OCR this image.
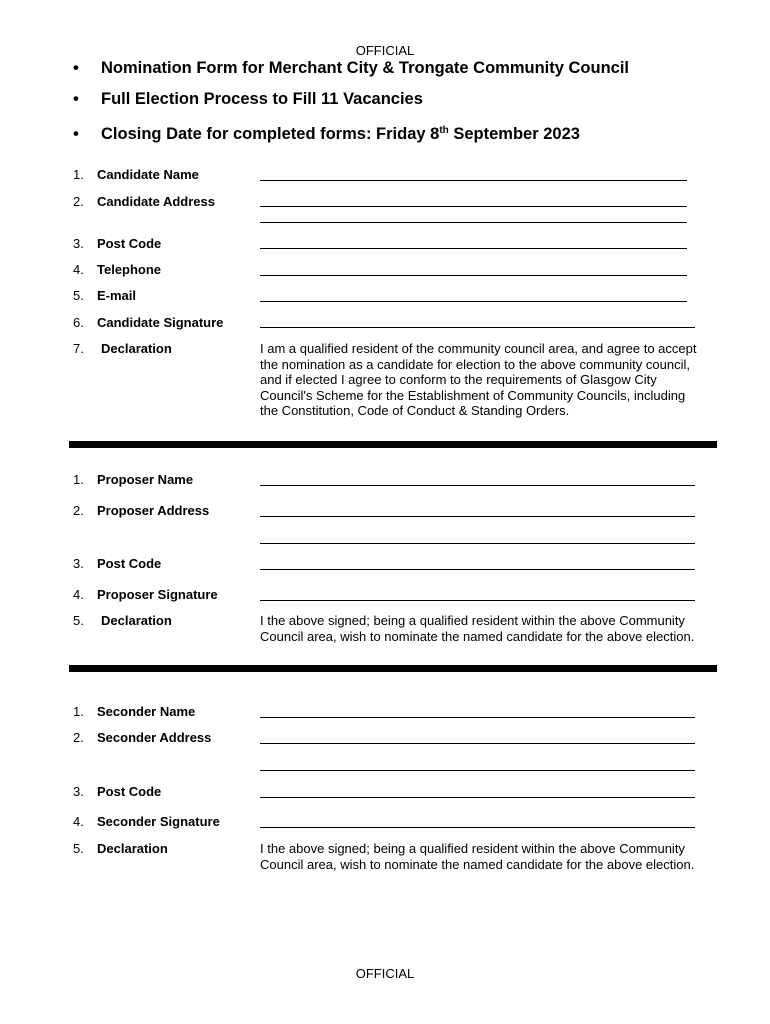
OFFICIAL
• Nomination Form for Merchant City & Trongate Community Council
• Full Election Process to Fill 11 Vacancies
• Closing Date for completed forms: Friday 8th September 2023
1. Candidate Name
2. Candidate Address
3. Post Code
4. Telephone
5. E-mail
6. Candidate Signature
7. Declaration	I am a qualified resident of the community council area, and agree to accept the nomination as a candidate for election to the above community council, and if elected I agree to conform to the requirements of Glasgow City Council's Scheme for the Establishment of Community Councils, including the Constitution, Code of Conduct & Standing Orders.
1. Proposer Name
2. Proposer Address
3. Post Code
4. Proposer Signature
5. Declaration	I the above signed; being a qualified resident within the above Community Council area, wish to nominate the named candidate for the above election.
1. Seconder Name
2. Seconder Address
3. Post Code
4. Seconder Signature
5. Declaration	I the above signed; being a qualified resident within the above Community Council area, wish to nominate the named candidate for the above election.
OFFICIAL
